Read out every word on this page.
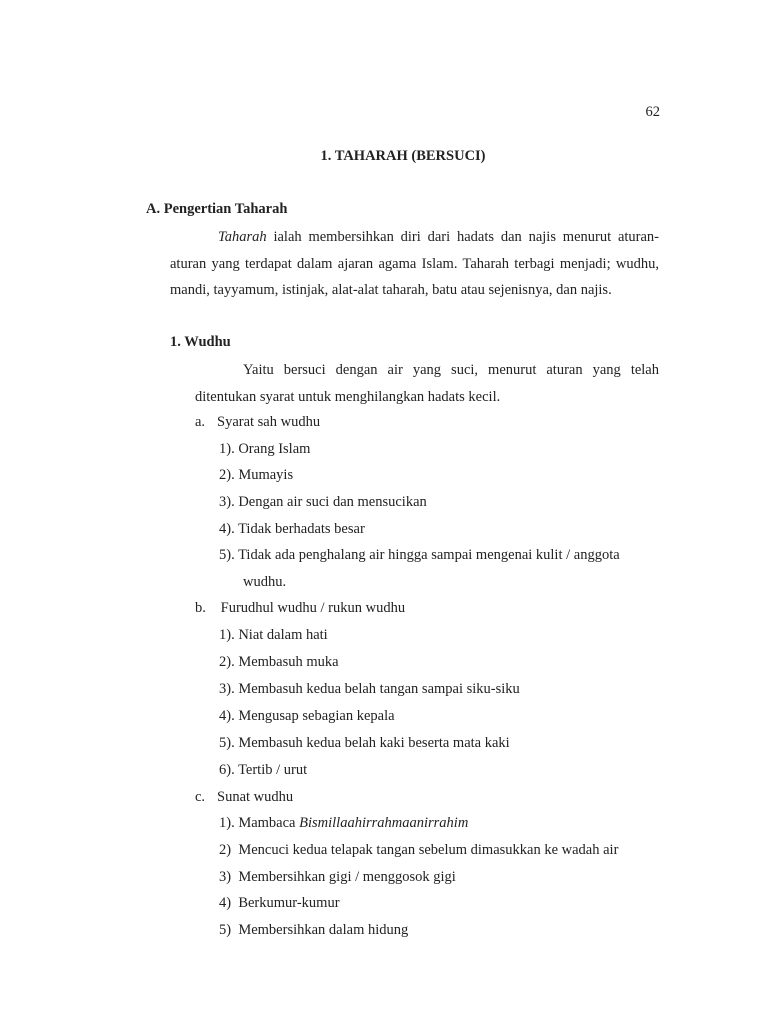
62
1. TAHARAH (BERSUCI)
A. Pengertian Taharah

Taharah ialah membersihkan diri dari hadats dan najis menurut aturan- aturan yang terdapat dalam ajaran agama Islam. Taharah terbagi menjadi; wudhu, mandi, tayyamum, istinjak, alat-alat taharah, batu atau sejenisnya, dan najis.

1. Wudhu

Yaitu bersuci dengan air yang suci, menurut aturan yang telah ditentukan syarat untuk menghilangkan hadats kecil.

a. Syarat sah wudhu
1). Orang Islam
2). Mumayis
3). Dengan air suci dan mensucikan
4). Tidak berhadats besar
5). Tidak ada penghalang air hingga sampai mengenai kulit / anggota
wudhu.
b. Furudhul wudhu / rukun wudhu
1). Niat dalam hati
2). Membasuh muka
3). Membasuh kedua belah tangan sampai siku-siku
4). Mengusap sebagian kepala
5). Membasuh kedua belah kaki beserta mata kaki
6). Tertib / urut
c. Sunat wudhu
1). Mambaca Bismillaahirrahmaanirrahim
2)  Mencuci kedua telapak tangan sebelum dimasukkan ke wadah air
3)  Membersihkan gigi / menggosok gigi
4)  Berkumur-kumur
5)  Membersihkan dalam hidung
